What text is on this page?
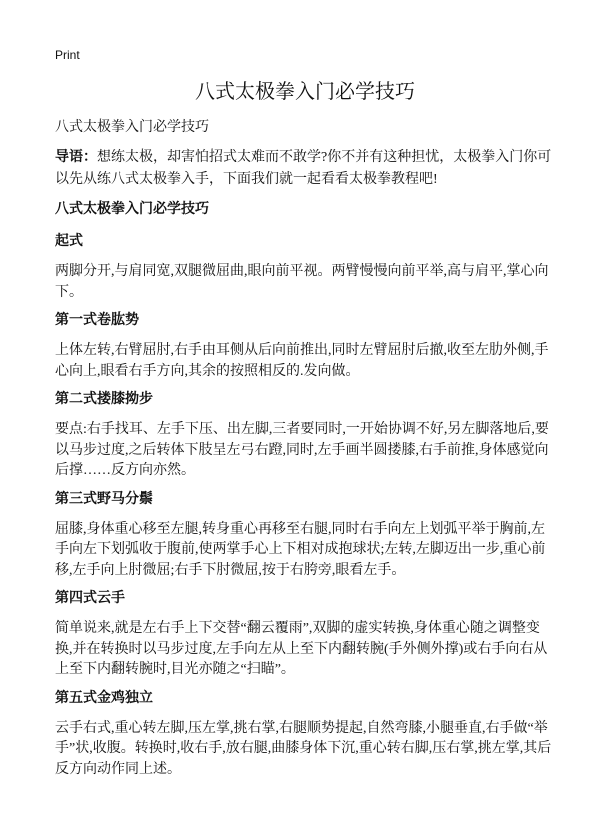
Print
八式太极拳入门必学技巧
八式太极拳入门必学技巧

导语：想练太极，却害怕招式太难而不敢学?你不并有这种担忧，太极拳入门你可以先从练八式太极拳入手，下面我们就一起看看太极拳教程吧!

八式太极拳入门必学技巧
起式

两脚分开,与肩同宽,双腿微屈曲,眼向前平视。两臂慢慢向前平举,高与肩平,掌心向下。

第一式卷肱势

上体左转,右臂屈肘,右手由耳侧从后向前推出,同时左臂屈肘后撤,收至左肋外侧,手心向上,眼看右手方向,其余的按照相反的.发向做。

第二式搂膝拗步

要点:右手找耳、左手下压、出左脚,三者要同时,一开始协调不好,另左脚落地后,要以马步过度,之后转体下肢呈左弓右蹬,同时,左手画半圆搂膝,右手前推,身体感觉向后撑……反方向亦然。

第三式野马分鬃

屈膝,身体重心移至左腿,转身重心再移至右腿,同时右手向左上划弧平举于胸前,左手向左下划弧收于腹前,使两掌手心上下相对成抱球状;左转,左脚迈出一步,重心前移,左手向上肘微屈;右手下肘微屈,按于右胯旁,眼看左手。

第四式云手

简单说来,就是左右手上下交替“翻云覆雨”,双脚的虚实转换,身体重心随之调整变换,并在转换时以马步过度,左手向左从上至下内翻转腕(手外侧外撑)或右手向右从上至下内翻转腕时,目光亦随之“扫瞄”。

第五式金鸡独立

云手右式,重心转左脚,压左掌,挑右掌,右腿顺势提起,自然弯膝,小腿垂直,右手做“举手”状,收腹。转换时,收右手,放右腿,曲膝身体下沉,重心转右脚,压右掌,挑左掌,其后反方向动作同上述。
